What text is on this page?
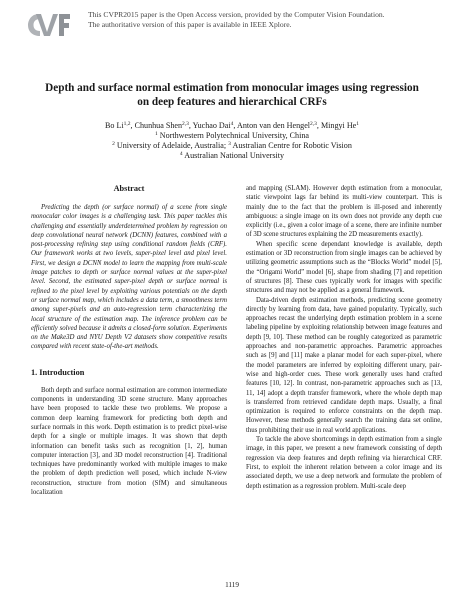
This CVPR2015 paper is the Open Access version, provided by the Computer Vision Foundation.
The authoritative version of this paper is available in IEEE Xplore.
Depth and surface normal estimation from monocular images using regression
on deep features and hierarchical CRFs
Bo Li$^{1,2}$, Chunhua Shen$^{2,3}$, Yuchao Dai$^4$, Anton van den Hengel$^{2,3}$, Mingyi He$^1$
$^1$ Northwestern Polytechnical University, China
$^2$ University of Adelaide, Australia; $^3$ Australian Centre for Robotic Vision
$^4$ Australian National University
Abstract

Predicting the depth (or surface normal) of a scene from single monocular color images is a challenging task. This paper tackles this challenging and essentially underdetermined problem by regression on deep convolutional neural network (DCNN) features, combined with a post-processing refining step using conditional random fields (CRF). Our framework works at two levels, super-pixel level and pixel level. First, we design a DCNN model to learn the mapping from multi-scale image patches to depth or surface normal values at the super-pixel level. Second, the estimated super-pixel depth or surface normal is refined to the pixel level by exploiting various potentials on the depth or surface normal map, which includes a data term, a smoothness term among super-pixels and an auto-regression term characterizing the local structure of the estimation map. The inference problem can be efficiently solved because it admits a closed-form solution. Experiments on the Make3D and NYU Depth V2 datasets show competitive results compared with recent state-of-the-art methods.

1. Introduction

Both depth and surface normal estimation are common intermediate components in understanding 3D scene structure. Many approaches have been proposed to tackle these two problems. We propose a common deep learning framework for predicting both depth and surface normals in this work. Depth estimation is to predict pixel-wise depth for a single or multiple images. It was shown that depth information can benefit tasks such as recognition [1, 2], human computer interaction [3], and 3D model reconstruction [4]. Traditional techniques have predominantly worked with multiple images to make the problem of depth prediction well posed, which include N-view reconstruction, structure from motion (SfM) and simultaneous localization

and mapping (SLAM). However depth estimation from a monocular, static viewpoint lags far behind its multi-view counterpart. This is mainly due to the fact that the problem is ill-posed and inherently ambiguous: a single image on its own does not provide any depth cue explicitly (i.e., given a color image of a scene, there are infinite number of 3D scene structures explaining the 2D measurements exactly).

When specific scene dependant knowledge is available, depth estimation or 3D reconstruction from single images can be achieved by utilizing geometric assumptions such as the “Blocks World” model [5], the “Origami World” model [6], shape from shading [7] and repetition of structures [8]. These cues typically work for images with specific structures and may not be applied as a general framework.

Data-driven depth estimation methods, predicting scene geometry directly by learning from data, have gained popularity. Typically, such approaches recast the underlying depth estimation problem in a scene labeling pipeline by exploiting relationship between image features and depth [9, 10]. These method can be roughly categorized as parametric approaches and non-parametric approaches. Parametric approaches such as [9] and [11] make a planar model for each super-pixel, where the model parameters are inferred by exploiting different unary, pair-wise and high-order cues. These work generally uses hand crafted features [10, 12]. In contrast, non-parametric approaches such as [13, 11, 14] adopt a depth transfer framework, where the whole depth map is transferred from retrieved candidate depth maps. Usually, a final optimization is required to enforce constraints on the depth map. However, these methods generally search the training data set online, thus prohibiting their use in real world applications.

To tackle the above shortcomings in depth estimation from a single image, in this paper, we present a new framework consisting of depth regression via deep features and depth refining via hierarchical CRF. First, to exploit the inherent relation between a color image and its associated depth, we use a deep network and formulate the problem of depth estimation as a regression problem. Multi-scale deep

1119
